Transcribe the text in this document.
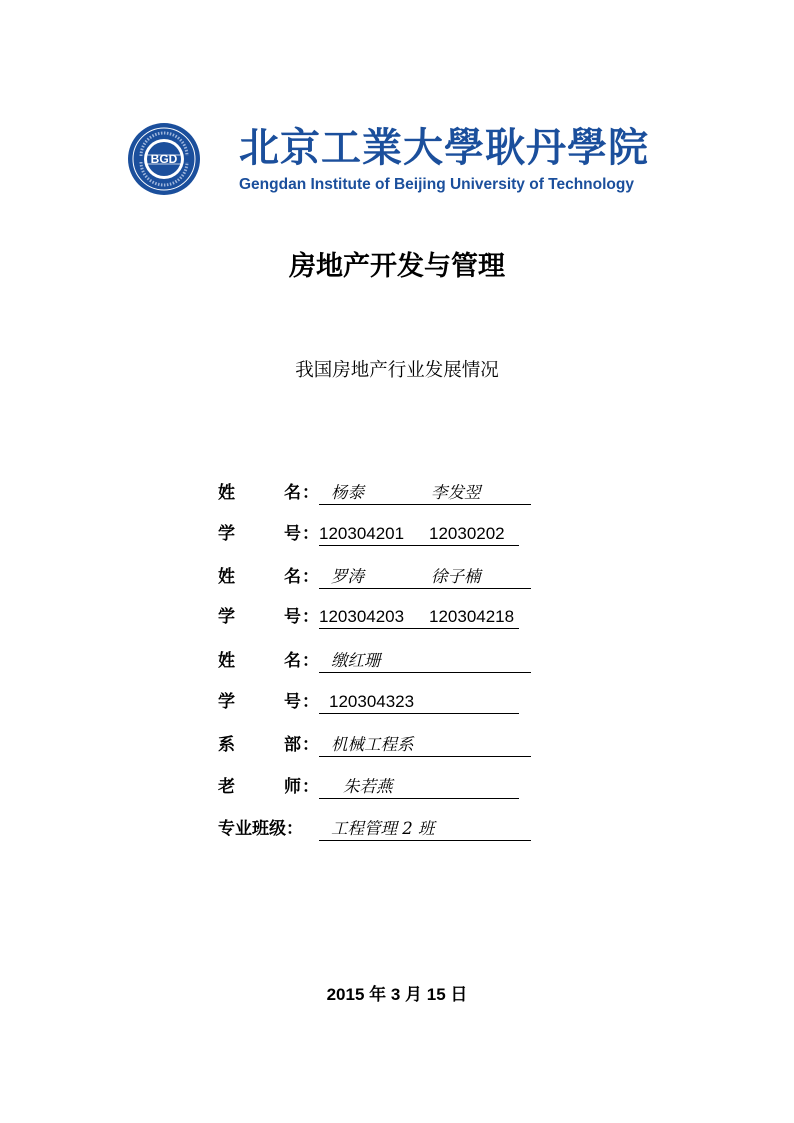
BGD 北京工業大學耿丹學院
Gengdan Institute of Beijing University of Technology
房地产开发与管理
我国房地产行业发展情况
姓	名 ： 杨泰	李发翌
学	号 ： 120304201 12030202
姓	名 ： 罗涛	徐子楠
学	号 ： 120304203 120304218
姓	名 ： 缴红珊
学	号 ： 120304323
系	部 ： 机械工程系
老	师 ：	朱若燕
专业班级：	工程管理 2 班
2015 年 3 月 15 日
